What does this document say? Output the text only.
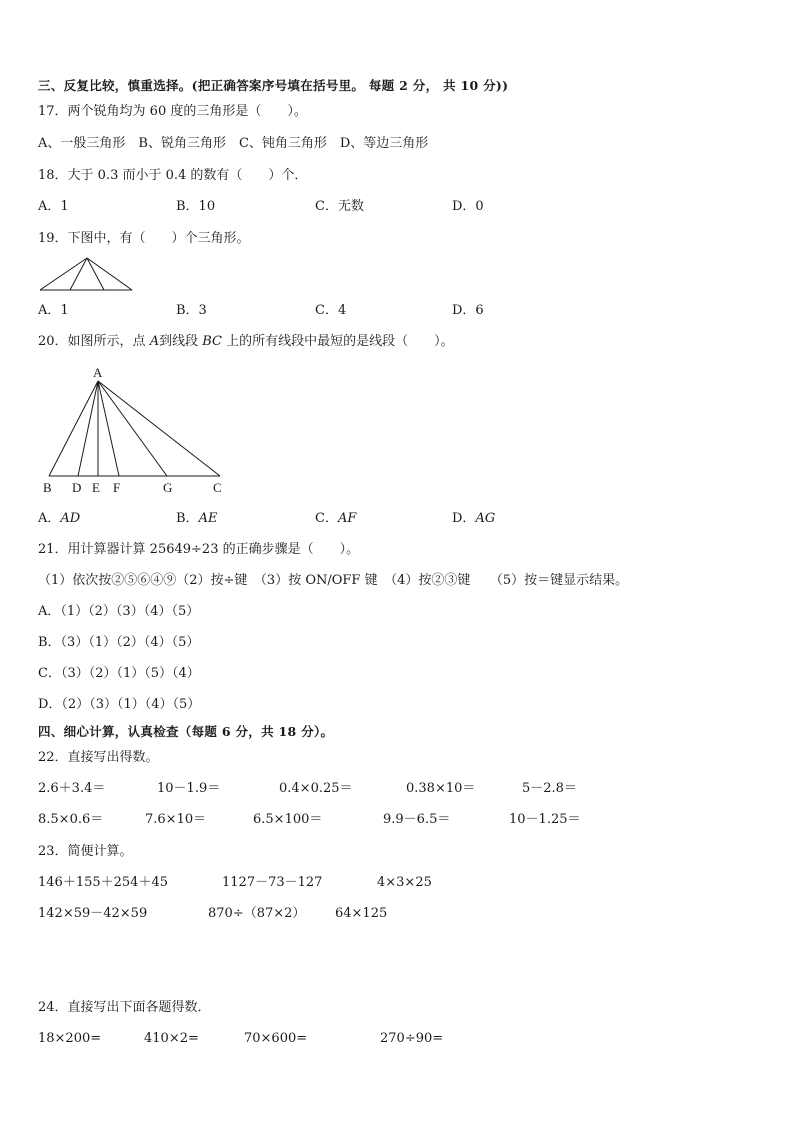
三、反复比较，慎重选择。(把正确答案序号填在括号里。 每题 2 分， 共 10 分))
17．两个锐角均为 60 度的三角形是（　　）。
A、一般三角形　B、锐角三角形　C、钝角三角形　D、等边三角形
18．大于 0.3 而小于 0.4 的数有（　　）个．
A．1	B．10	C．无数	D．0
19．下图中，有（　　）个三角形。
A．1	B．3	C．4	D．6
20．如图所示，点 A到线段 BC 上的所有线段中最短的是线段（　　）。
A
B D E F	G	C
A．AD	B．AE	C．AF	D．AG
21．用计算器计算 25649÷23 的正确步骤是（　　）。
（1）依次按②⑤⑥④⑨（2）按÷键　（3）按 ON/OFF 键　（4）按②③键　　（5）按＝键显示结果。
A．（1）（2）（3）（4）（5）
B．（3）（1）（2）（4）（5）
C．（3）（2）（1）（5）（4）
D．（2）（3）（1）（4）（5）
四、细心计算，认真检查（每题 6 分，共 18 分）。
22．直接写出得数。
2.6＋3.4＝	10－1.9＝	0.4×0.25＝	0.38×10＝	5－2.8＝
8.5×0.6＝	7.6×10＝	6.5×100＝	9.9－6.5＝	10－1.25＝
23．简便计算。
146＋155＋254＋45	1127－73－127	4×3×25
142×59－42×59	870÷（87×2） 64×125
24．直接写出下面各题得数．
18×200=	410×2=	70×600=	270÷90=
